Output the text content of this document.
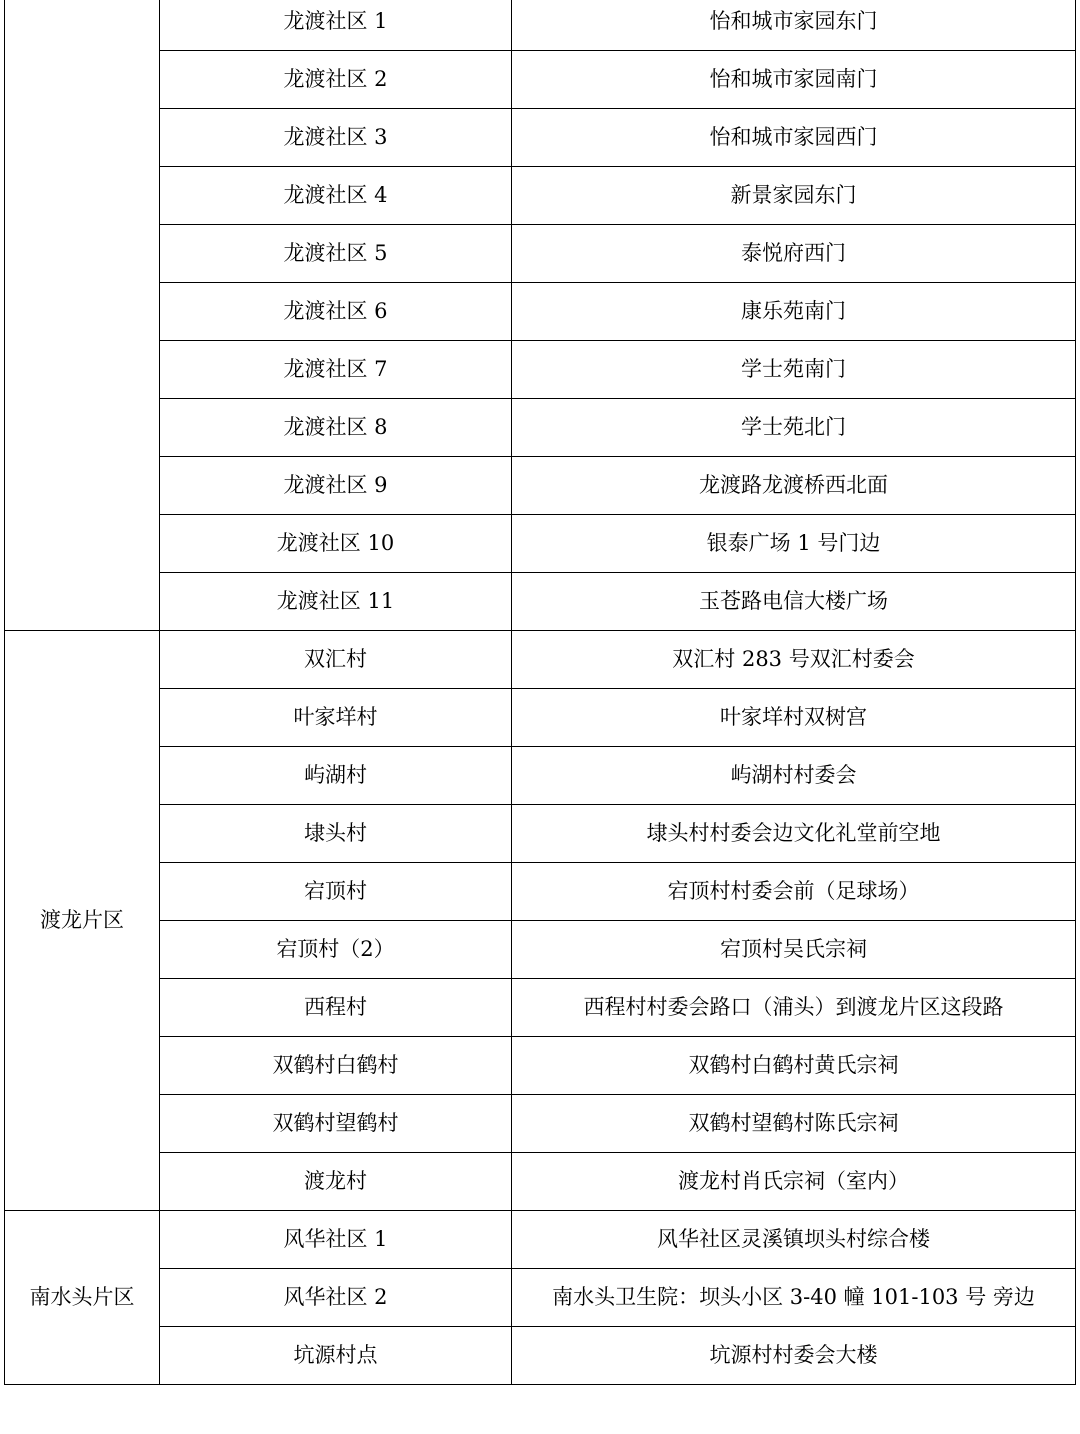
	龙渡社区 1	怡和城市家园东门
	龙渡社区 2	怡和城市家园南门
	龙渡社区 3	怡和城市家园西门
	龙渡社区 4	新景家园东门
	龙渡社区 5	泰悦府西门
	龙渡社区 6	康乐苑南门
	龙渡社区 7	学士苑南门
	龙渡社区 8	学士苑北门
	龙渡社区 9	龙渡路龙渡桥西北面
	龙渡社区 10	银泰广场 1 号门边
	龙渡社区 11	玉苍路电信大楼广场
渡龙片区	双汇村	双汇村 283 号双汇村委会
	叶家垟村	叶家垟村双树宫
	屿湖村	屿湖村村委会
	埭头村	埭头村村委会边文化礼堂前空地
	宕顶村	宕顶村村委会前（足球场）
	宕顶村（2）	宕顶村吴氏宗祠
	西程村	西程村村委会路口（浦头）到渡龙片区这段路
	双鹤村白鹤村	双鹤村白鹤村黄氏宗祠
	双鹤村望鹤村	双鹤村望鹤村陈氏宗祠
	渡龙村	渡龙村肖氏宗祠（室内）
南水头片区	风华社区 1	风华社区灵溪镇坝头村综合楼
	风华社区 2	南水头卫生院：坝头小区 3-40 幢 101-103 号 旁边
	坑源村点	坑源村村委会大楼
